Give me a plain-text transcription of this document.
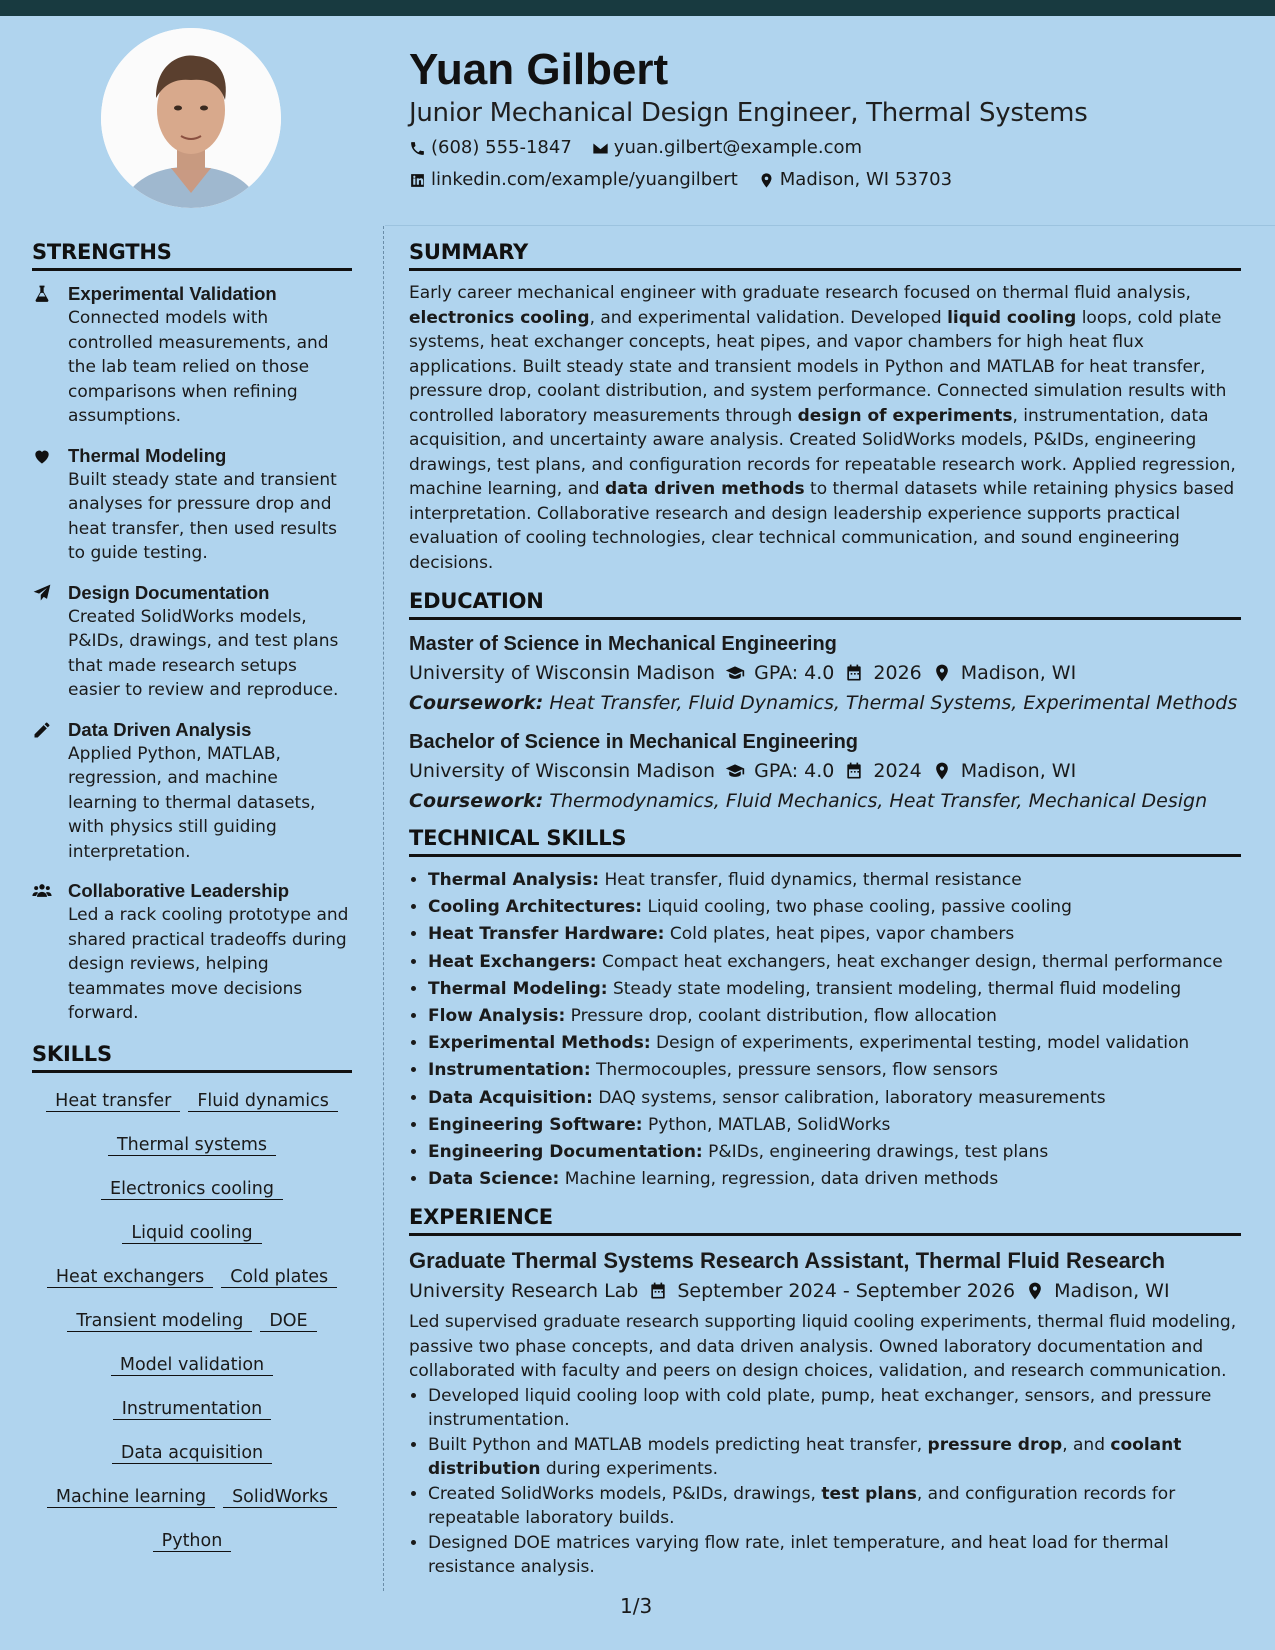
Yuan Gilbert
Junior Mechanical Design Engineer, Thermal Systems
(608) 555-1847 yuan.gilbert@example.com
linkedin.com/example/yuangilbert Madison, WI 53703
STRENGTHS
Experimental Validation
Connected models with controlled measurements, and the lab team relied on those comparisons when refining assumptions.
Thermal Modeling
Built steady state and transient analyses for pressure drop and heat transfer, then used results to guide testing.
Design Documentation
Created SolidWorks models, P&IDs, drawings, and test plans that made research setups easier to review and reproduce.
Data Driven Analysis
Applied Python, MATLAB, regression, and machine learning to thermal datasets, with physics still guiding interpretation.
Collaborative Leadership
Led a rack cooling prototype and shared practical tradeoffs during design reviews, helping teammates move decisions forward.
SKILLS
Heat transfer	Fluid dynamics
Thermal systems
Electronics cooling
Liquid cooling
Heat exchangers	Cold plates
Transient modeling	DOE
Model validation
Instrumentation
Data acquisition
Machine learning	SolidWorks
Python
SUMMARY
Early career mechanical engineer with graduate research focused on thermal fluid analysis, electronics cooling, and experimental validation. Developed liquid cooling loops, cold plate systems, heat exchanger concepts, heat pipes, and vapor chambers for high heat flux applications. Built steady state and transient models in Python and MATLAB for heat transfer, pressure drop, coolant distribution, and system performance. Connected simulation results with controlled laboratory measurements through design of experiments, instrumentation, data acquisition, and uncertainty aware analysis. Created SolidWorks models, P&IDs, engineering drawings, test plans, and configuration records for repeatable research work. Applied regression, machine learning, and data driven methods to thermal datasets while retaining physics based interpretation. Collaborative research and design leadership experience supports practical evaluation of cooling technologies, clear technical communication, and sound engineering decisions.
EDUCATION
Master of Science in Mechanical Engineering
University of Wisconsin Madison GPA: 4.0 2026 Madison, WI
Coursework: Heat Transfer, Fluid Dynamics, Thermal Systems, Experimental Methods
Bachelor of Science in Mechanical Engineering
University of Wisconsin Madison GPA: 4.0 2024 Madison, WI
Coursework: Thermodynamics, Fluid Mechanics, Heat Transfer, Mechanical Design
TECHNICAL SKILLS
• Thermal Analysis: Heat transfer, fluid dynamics, thermal resistance
• Cooling Architectures: Liquid cooling, two phase cooling, passive cooling
• Heat Transfer Hardware: Cold plates, heat pipes, vapor chambers
• Heat Exchangers: Compact heat exchangers, heat exchanger design, thermal performance
• Thermal Modeling: Steady state modeling, transient modeling, thermal fluid modeling
• Flow Analysis: Pressure drop, coolant distribution, flow allocation
• Experimental Methods: Design of experiments, experimental testing, model validation
• Instrumentation: Thermocouples, pressure sensors, flow sensors
• Data Acquisition: DAQ systems, sensor calibration, laboratory measurements
• Engineering Software: Python, MATLAB, SolidWorks
• Engineering Documentation: P&IDs, engineering drawings, test plans
• Data Science: Machine learning, regression, data driven methods
EXPERIENCE
Graduate Thermal Systems Research Assistant, Thermal Fluid Research
University Research Lab September 2024 - September 2026 Madison, WI
Led supervised graduate research supporting liquid cooling experiments, thermal fluid modeling, passive two phase concepts, and data driven analysis. Owned laboratory documentation and collaborated with faculty and peers on design choices, validation, and research communication.
• Developed liquid cooling loop with cold plate, pump, heat exchanger, sensors, and pressure instrumentation.
• Built Python and MATLAB models predicting heat transfer, pressure drop, and coolant distribution during experiments.
• Created SolidWorks models, P&IDs, drawings, test plans, and configuration records for repeatable laboratory builds.
• Designed DOE matrices varying flow rate, inlet temperature, and heat load for thermal resistance analysis.
1/3
